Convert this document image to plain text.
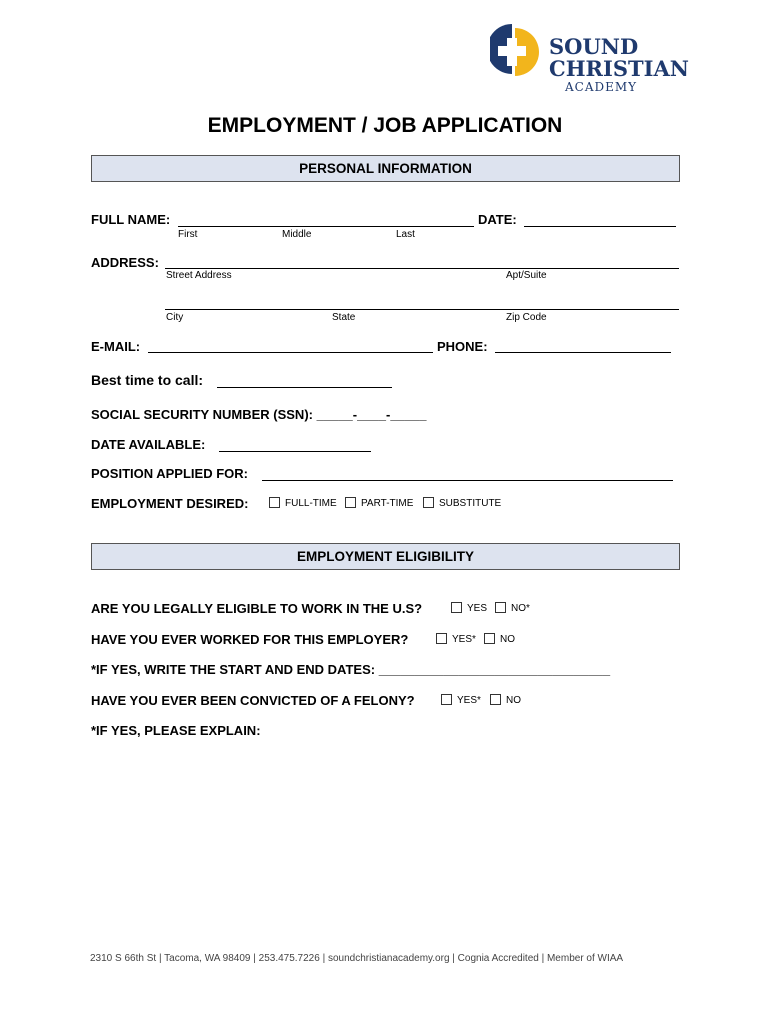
SOUND
CHRISTIAN
ACADEMY
EMPLOYMENT / JOB APPLICATION
PERSONAL INFORMATION
FULL NAME:
First	Middle	Last
DATE:
ADDRESS:
Street Address	Apt/Suite
City	State	Zip Code
E-MAIL:	PHONE:
Best time to call:
SOCIAL SECURITY NUMBER (SSN): _____-____-_____
DATE AVAILABLE:
POSITION APPLIED FOR:
EMPLOYMENT DESIRED:	FULL-TIME	PART-TIME	SUBSTITUTE
EMPLOYMENT ELIGIBILITY
ARE YOU LEGALLY ELIGIBLE TO WORK IN THE U.S?	YES	NO*
HAVE YOU EVER WORKED FOR THIS EMPLOYER?	YES*	NO
*IF YES, WRITE THE START AND END DATES: ________________________________
HAVE YOU EVER BEEN CONVICTED OF A FELONY?	YES*	NO
*IF YES, PLEASE EXPLAIN:
2310 S 66th St | Tacoma, WA 98409 | 253.475.7226 | soundchristianacademy.org | Cognia Accredited | Member of WIAA
